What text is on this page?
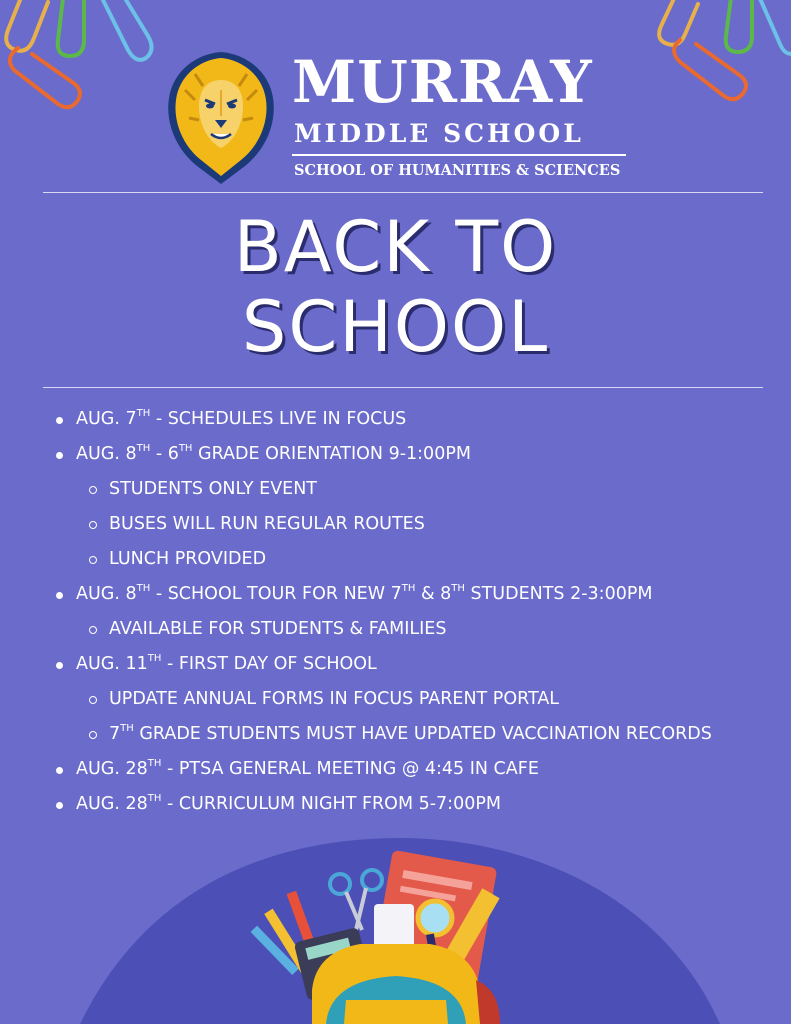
MURRAY
MIDDLE SCHOOL
SCHOOL OF HUMANITIES & SCIENCES
BACK TO
SCHOOL
AUG. 7TH - SCHEDULES LIVE IN FOCUS
AUG. 8TH - 6TH GRADE ORIENTATION 9-1:00PM
STUDENTS ONLY EVENT
BUSES WILL RUN REGULAR ROUTES
LUNCH PROVIDED
AUG. 8TH - SCHOOL TOUR FOR NEW 7TH & 8TH STUDENTS 2-3:00PM
AVAILABLE FOR STUDENTS & FAMILIES
AUG. 11TH - FIRST DAY OF SCHOOL
UPDATE ANNUAL FORMS IN FOCUS PARENT PORTAL
7TH GRADE STUDENTS MUST HAVE UPDATED VACCINATION RECORDS
AUG. 28TH - PTSA GENERAL MEETING @ 4:45 IN CAFE
AUG. 28TH - CURRICULUM NIGHT FROM 5-7:00PM
